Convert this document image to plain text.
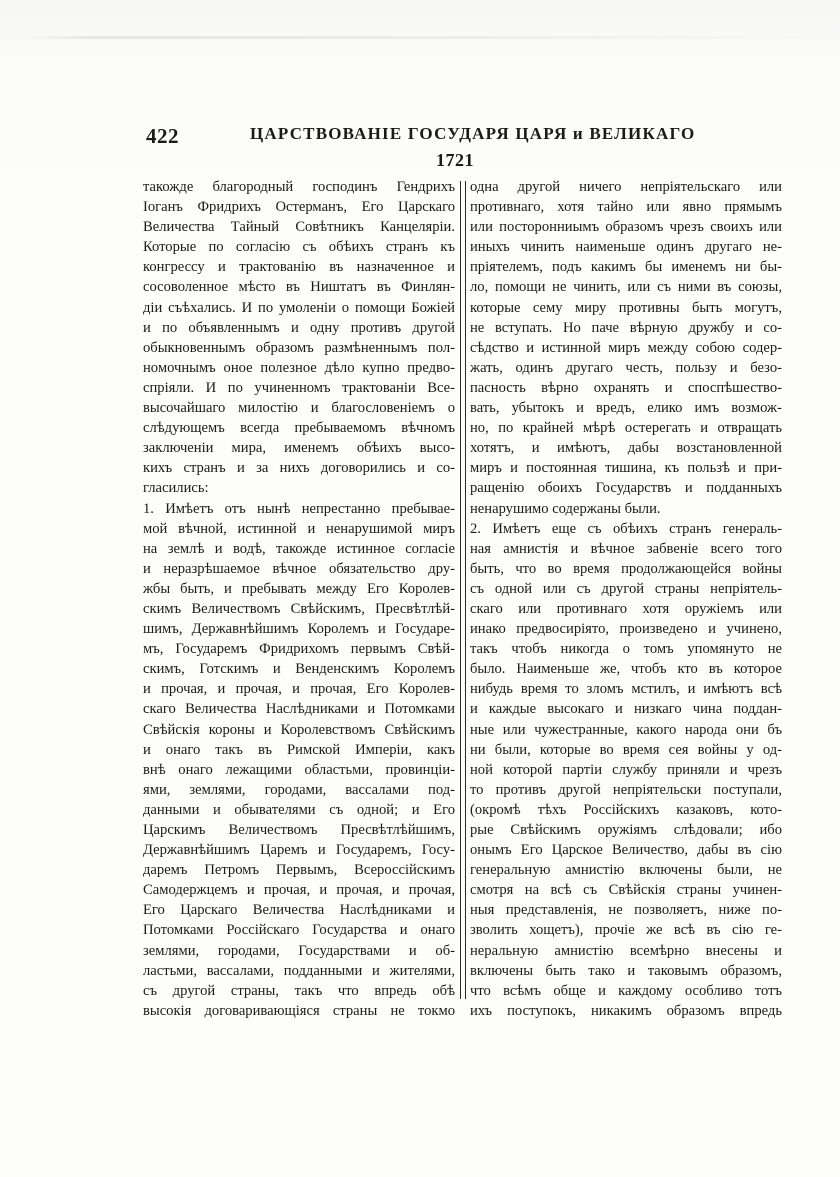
422	ЦАРСТВОВАНІЕ ГОСУДАРЯ ЦАРЯ и ВЕЛИКАГО
1721
такожде благородный господинъ Гендрихъ
Іоганъ Фридрихъ Остерманъ, Его Царскаго
Величества Тайный Совѣтникъ Канцеляріи.
Которые по согласію съ обѣихъ странъ къ
конгрессу и трактованію въ назначенное и
сосоволенное мѣсто въ Ништатъ въ Финлян-
діи съѣхались. И по умоленіи о помощи Божіей
и по объявленнымъ и одну противъ другой
обыкновеннымъ образомъ размѣненнымъ пол-
номочнымъ оное полезное дѣло купно предво-
спріяли. И по учиненномъ трактованіи Все-
высочайшаго милостію и благословеніемъ о
слѣдующемъ всегда пребываемомъ вѣчномъ
заключеніи мира, именемъ обѣихъ высо-
кихъ странъ и за нихъ договорились и со-
гласились:
1. Имѣетъ отъ нынѣ непрестанно пребывае-
мой вѣчной, истинной и ненарушимой миръ
на землѣ и водѣ, такожде истинное согласіе
и неразрѣшаемое вѣчное обязательство дру-
жбы быть, и пребывать между Его Королев-
скимъ Величествомъ Свѣйскимъ, Пресвѣтлѣй-
шимъ, Державнѣйшимъ Королемъ и Государе-
мъ, Государемъ Фридрихомъ первымъ Свѣй-
скимъ, Готскимъ и Венденскимъ Королемъ
и прочая, и прочая, и прочая, Его Королев-
скаго Величества Наслѣдниками и Потомками
Свѣйскія короны и Королевствомъ Свѣйскимъ
и онаго такъ въ Римской Имперіи, какъ
внѣ онаго лежащими областьми, провинціи-
ями, землями, городами, вассалами под-
данными и обывателями съ одной; и Его
Царскимъ Величествомъ Пресвѣтлѣйшимъ,
Державнѣйшимъ Царемъ и Государемъ, Госу-
даремъ Петромъ Первымъ, Всероссійскимъ
Самодержцемъ и прочая, и прочая, и прочая,
Его Царскаго Величества Наслѣдниками и
Потомками Россійскаго Государства и онаго
землями, городами, Государствами и об-
ластьми, вассалами, подданными и жителями,
съ другой страны, такъ что впредь обѣ
высокія договаривающіяся страны не токмо
одна другой ничего непріятельскаго или
противнаго, хотя тайно или явно прямымъ
или посторонниымъ образомъ чрезъ своихъ или
иныхъ чинить наименьше одинъ другаго не-
пріятелемъ, подъ какимъ бы именемъ ни бы-
ло, помощи не чинить, или съ ними въ союзы,
которые сему миру противны быть могутъ,
не вступать. Но паче вѣрную дружбу и со-
сѣдство и истинной миръ между собою содер-
жать, одинъ другаго честь, пользу и безо-
пасность вѣрно охранять и споспѣшество-
вать, убытокъ и вредъ, елико имъ возмож-
но, по крайней мѣрѣ остерегать и отвращать
хотятъ, и имѣютъ, дабы возстановленной
миръ и постоянная тишина, къ пользѣ и при-
ращенію обоихъ Государствъ и подданныхъ
ненарушимо содержаны были.
2. Имѣетъ еще съ обѣихъ странъ генераль-
ная амнистія и вѣчное забвеніе всего того
быть, что во время продолжающейся войны
съ одной или съ другой страны непріятель-
скаго или противнаго хотя оружіемъ или
инако предвосиріято, произведено и учинено,
такъ чтобъ никогда о томъ упомянуто не
было. Наименьше же, чтобъ кто въ которое
нибудь время то зломъ мстилъ, и имѣютъ всѣ
и каждые высокаго и низкаго чина поддан-
ные или чужестранные, какого народа они бъ
ни были, которые во время сея войны у од-
ной которой партіи службу приняли и чрезъ
то противъ другой непріятельски поступали,
(окромѣ тѣхъ Россійскихъ казаковъ, кото-
рые Свѣйскимъ оружіямъ слѣдовали; ибо
онымъ Его Царское Величество, дабы въ сію
генеральную амнистію включены были, не
смотря на всѣ съ Свѣйскія страны учинен-
ныя представленія, не позволяетъ, ниже по-
зволить хощетъ), прочіе же всѣ въ сію ге-
неральную амнистію всемѣрно внесены и
включены быть тако и таковымъ образомъ,
что всѣмъ обще и каждому особливо тотъ
ихъ поступокъ, никакимъ образомъ впредь
